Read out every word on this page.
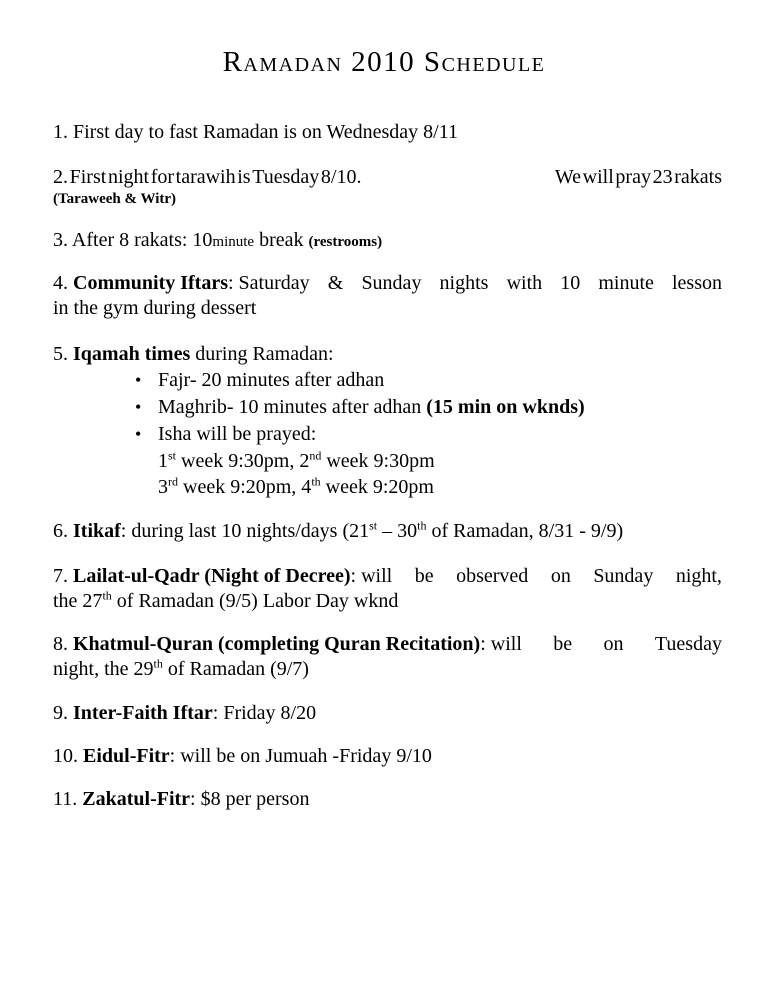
Ramadan 2010 Schedule
1. First day to fast Ramadan is on Wednesday 8/11
2. First night for tarawih is Tuesday 8/10.	We will pray 23 rakats
(Taraweeh & Witr)
3. After 8 rakats: 10minute break (restrooms)
4. Community Iftars: Saturday & Sunday nights with 10 minute lesson
in the gym during dessert
5. Iqamah times during Ramadan:
• Fajr- 20 minutes after adhan
• Maghrib- 10 minutes after adhan (15 min on wknds)
• Isha will be prayed:
1st week 9:30pm, 2nd week 9:30pm
3rd week 9:20pm, 4th week 9:20pm
6. Itikaf: during last 10 nights/days (21st – 30th of Ramadan, 8/31 - 9/9)
7. Lailat-ul-Qadr (Night of Decree): will be observed on Sunday night,
the 27th of Ramadan (9/5) Labor Day wknd
8. Khatmul-Quran (completing Quran Recitation): will be on Tuesday
night, the 29th of Ramadan (9/7)
9. Inter-Faith Iftar: Friday 8/20
10. Eidul-Fitr: will be on Jumuah -Friday 9/10
11. Zakatul-Fitr: $8 per person
